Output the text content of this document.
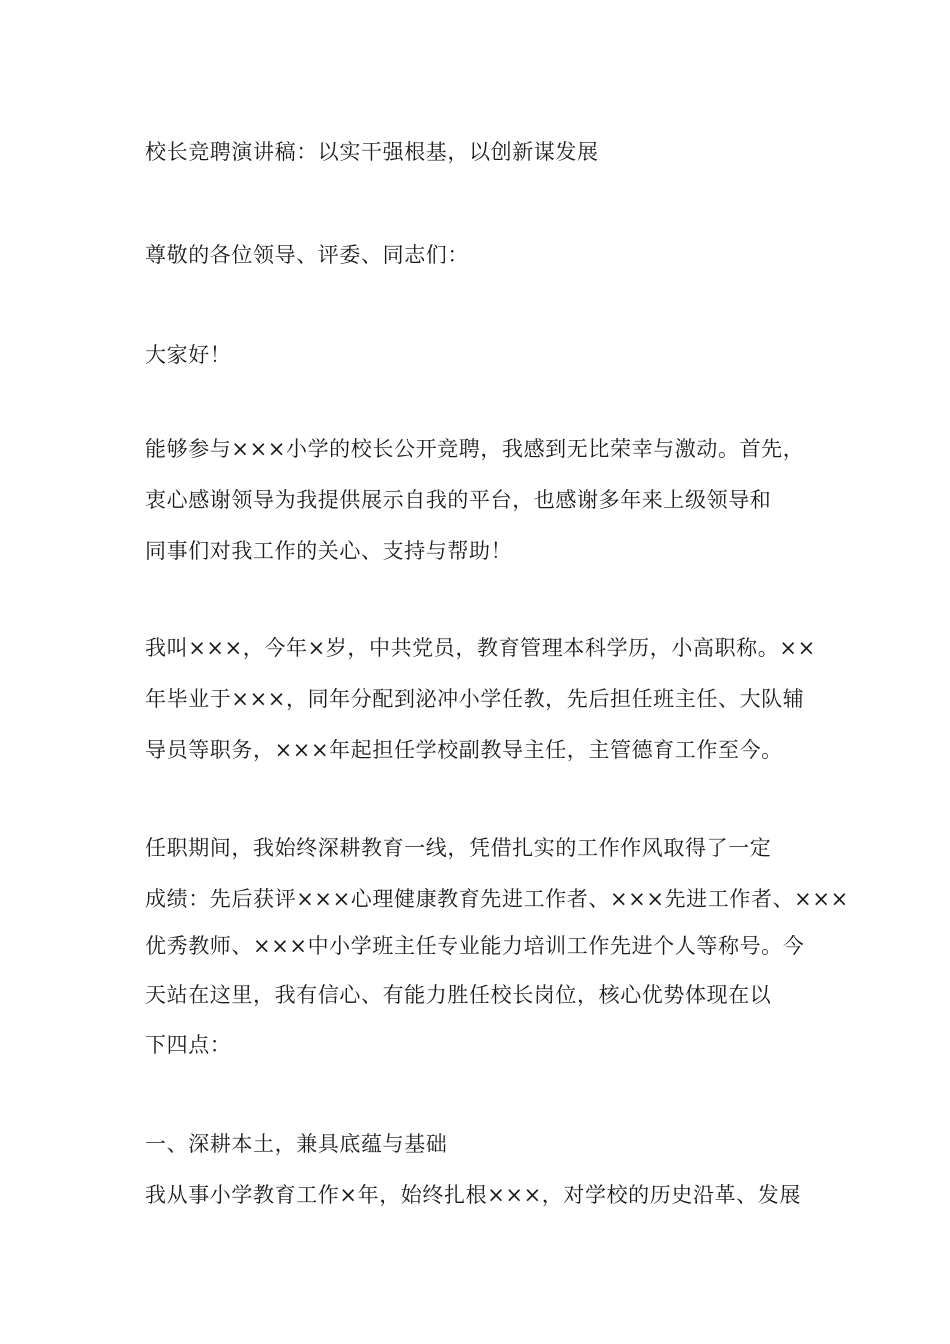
校长竞聘演讲稿：以实干强根基，以创新谋发展
尊敬的各位领导、评委、同志们：
大家好！
能够参与×××小学的校长公开竞聘，我感到无比荣幸与激动。首先，
衷心感谢领导为我提供展示自我的平台，也感谢多年来上级领导和
同事们对我工作的关心、支持与帮助！
我叫×××，今年×岁，中共党员，教育管理本科学历，小高职称。××
年毕业于×××，同年分配到泌冲小学任教，先后担任班主任、大队辅
导员等职务，×××年起担任学校副教导主任，主管德育工作至今。
任职期间，我始终深耕教育一线，凭借扎实的工作作风取得了一定
成绩：先后获评×××心理健康教育先进工作者、×××先进工作者、×××
优秀教师、×××中小学班主任专业能力培训工作先进个人等称号。今
天站在这里，我有信心、有能力胜任校长岗位，核心优势体现在以
下四点：
一、深耕本土，兼具底蕴与基础
我从事小学教育工作×年，始终扎根×××，对学校的历史沿革、发展
